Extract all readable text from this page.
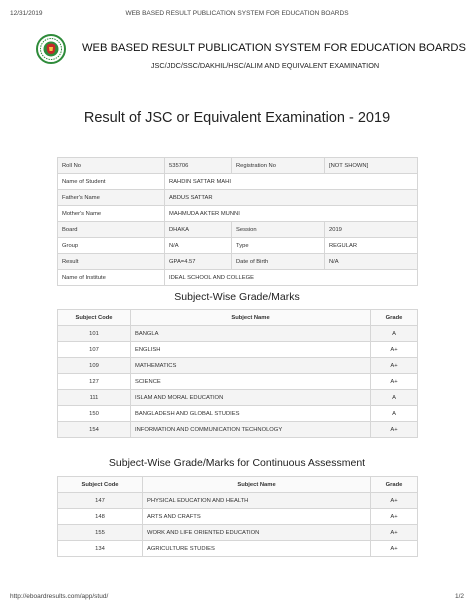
12/31/2019	WEB BASED RESULT PUBLICATION SYSTEM FOR EDUCATION BOARDS
WEB BASED RESULT PUBLICATION SYSTEM FOR EDUCATION BOARDS
JSC/JDC/SSC/DAKHIL/HSC/ALIM AND EQUIVALENT EXAMINATION
Result of JSC or Equivalent Examination - 2019
Roll No	535706	Registration No	[NOT SHOWN]
Name of Student	RAHDIN SATTAR MAHI		
Father's Name	ABDUS SATTAR		
Mother's Name	MAHMUDA AKTER MUNNI		
Board	DHAKA	Session	2019
Group	N/A	Type	REGULAR
Result	GPA=4.57	Date of Birth	N/A
Name of Institute	IDEAL SCHOOL AND COLLEGE		
Subject-Wise Grade/Marks
Subject Code	Subject Name	Grade
101	BANGLA	A
107	ENGLISH	A+
109	MATHEMATICS	A+
127	SCIENCE	A+
111	ISLAM AND MORAL EDUCATION	A
150	BANGLADESH AND GLOBAL STUDIES	A
154	INFORMATION AND COMMUNICATION TECHNOLOGY	A+
Subject-Wise Grade/Marks for Continuous Assessment
Subject Code	Subject Name	Grade
147	PHYSICAL EDUCATION AND HEALTH	A+
148	ARTS AND CRAFTS	A+
155	WORK AND LIFE ORIENTED EDUCATION	A+
134	AGRICULTURE STUDIES	A+
http://eboardresults.com/app/stud/	1/2
